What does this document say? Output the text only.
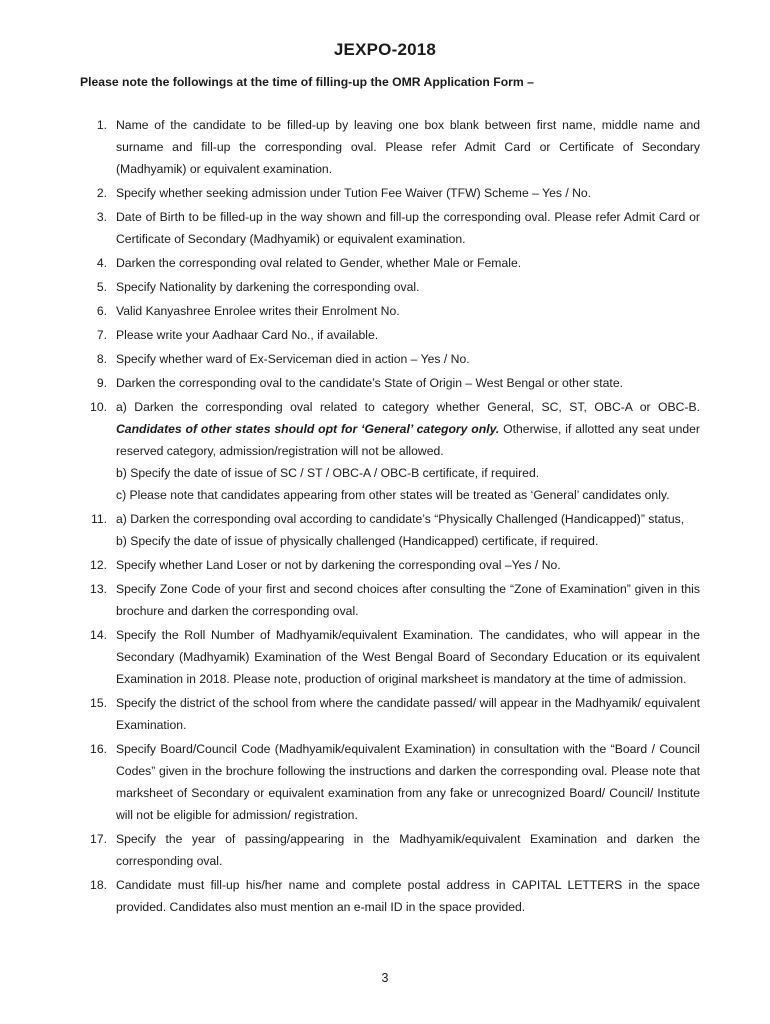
JEXPO-2018
Please note the followings at the time of filling-up the OMR Application Form –
1. Name of the candidate to be filled-up by leaving one box blank between first name, middle name and surname and fill-up the corresponding oval. Please refer Admit Card or Certificate of Secondary (Madhyamik) or equivalent examination.
2. Specify whether seeking admission under Tution Fee Waiver (TFW) Scheme – Yes / No.
3. Date of Birth to be filled-up in the way shown and fill-up the corresponding oval. Please refer Admit Card or Certificate of Secondary (Madhyamik) or equivalent examination.
4. Darken the corresponding oval related to Gender, whether Male or Female.
5. Specify Nationality by darkening the corresponding oval.
6. Valid Kanyashree Enrolee writes their Enrolment No.
7. Please write your Aadhaar Card No., if available.
8. Specify whether ward of Ex-Serviceman died in action – Yes / No.
9. Darken the corresponding oval to the candidate’s State of Origin – West Bengal or other state.
10. a) Darken the corresponding oval related to category whether General, SC, ST, OBC-A or OBC-B. Candidates of other states should opt for ‘General’ category only. Otherwise, if allotted any seat under reserved category, admission/registration will not be allowed.
b) Specify the date of issue of SC / ST / OBC-A / OBC-B certificate, if required.
c) Please note that candidates appearing from other states will be treated as ‘General’ candidates only.
11. a) Darken the corresponding oval according to candidate’s “Physically Challenged (Handicapped)” status,
b) Specify the date of issue of physically challenged (Handicapped) certificate, if required.
12. Specify whether Land Loser or not by darkening the corresponding oval –Yes / No.
13. Specify Zone Code of your first and second choices after consulting the “Zone of Examination” given in this brochure and darken the corresponding oval.
14. Specify the Roll Number of Madhyamik/equivalent Examination. The candidates, who will appear in the Secondary (Madhyamik) Examination of the West Bengal Board of Secondary Education or its equivalent Examination in 2018. Please note, production of original marksheet is mandatory at the time of admission.
15. Specify the district of the school from where the candidate passed/ will appear in the Madhyamik/ equivalent Examination.
16. Specify Board/Council Code (Madhyamik/equivalent Examination) in consultation with the “Board / Council Codes” given in the brochure following the instructions and darken the corresponding oval. Please note that marksheet of Secondary or equivalent examination from any fake or unrecognized Board/ Council/ Institute will not be eligible for admission/ registration.
17. Specify the year of passing/appearing in the Madhyamik/equivalent Examination and darken the corresponding oval.
18. Candidate must fill-up his/her name and complete postal address in CAPITAL LETTERS in the space provided. Candidates also must mention an e-mail ID in the space provided.
3
